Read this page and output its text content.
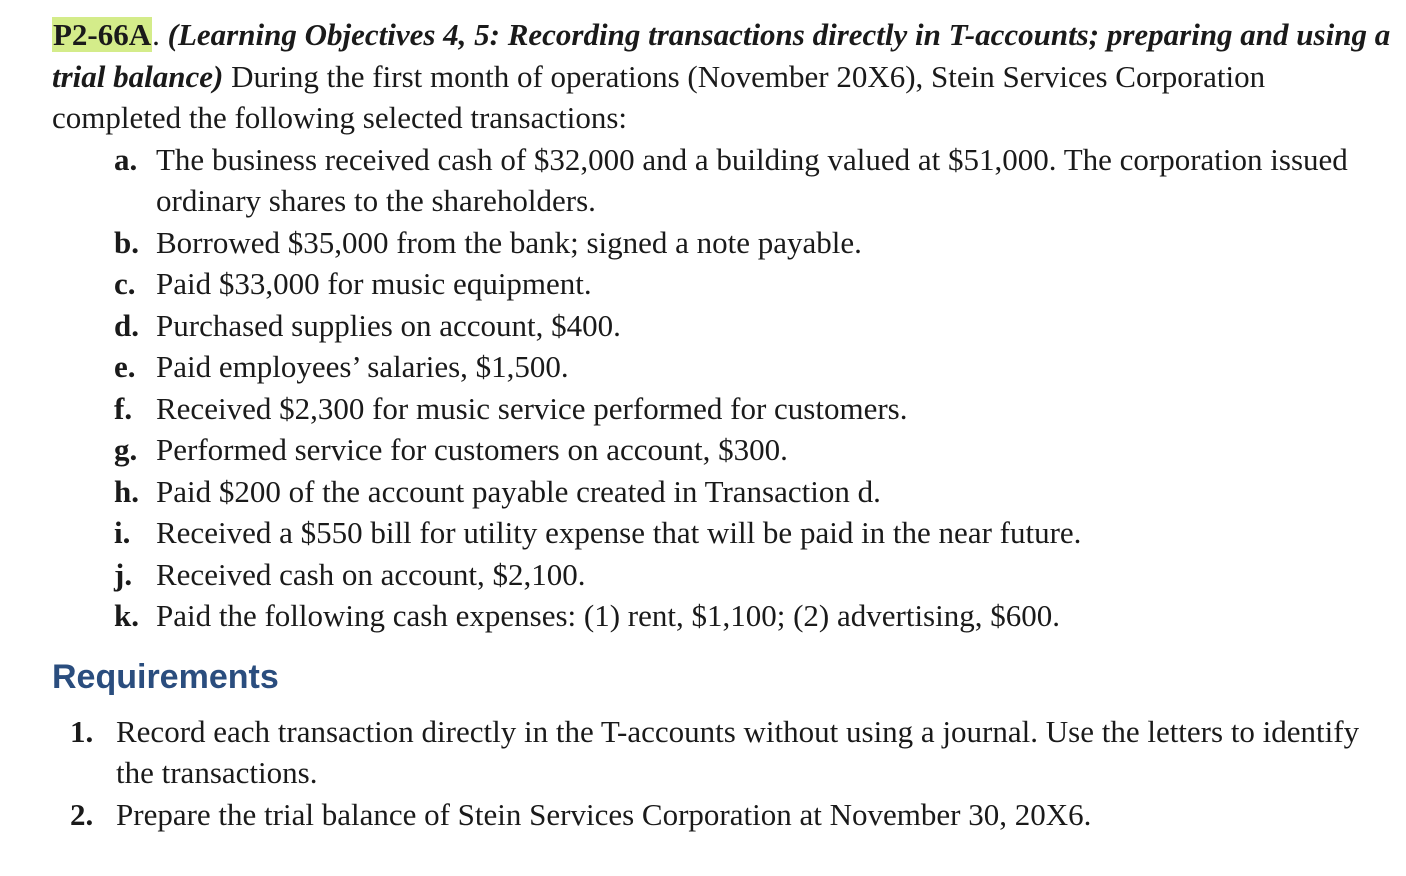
P2-66A. (Learning Objectives 4, 5: Recording transactions directly in T-accounts; preparing and using a trial balance) During the first month of operations (November 20X6), Stein Services Corporation completed the following selected transactions:

a. The business received cash of $32,000 and a building valued at $51,000. The corporation issued ordinary shares to the shareholders.
b. Borrowed $35,000 from the bank; signed a note payable.
c. Paid $33,000 for music equipment.
d. Purchased supplies on account, $400.
e. Paid employees’ salaries, $1,500.
f. Received $2,300 for music service performed for customers.
g. Performed service for customers on account, $300.
h. Paid $200 of the account payable created in Transaction d.
i. Received a $550 bill for utility expense that will be paid in the near future.
j. Received cash on account, $2,100.
k. Paid the following cash expenses: (1) rent, $1,100; (2) advertising, $600.
Requirements
1. Record each transaction directly in the T-accounts without using a journal. Use the letters to identify the transactions.
2. Prepare the trial balance of Stein Services Corporation at November 30, 20X6.
